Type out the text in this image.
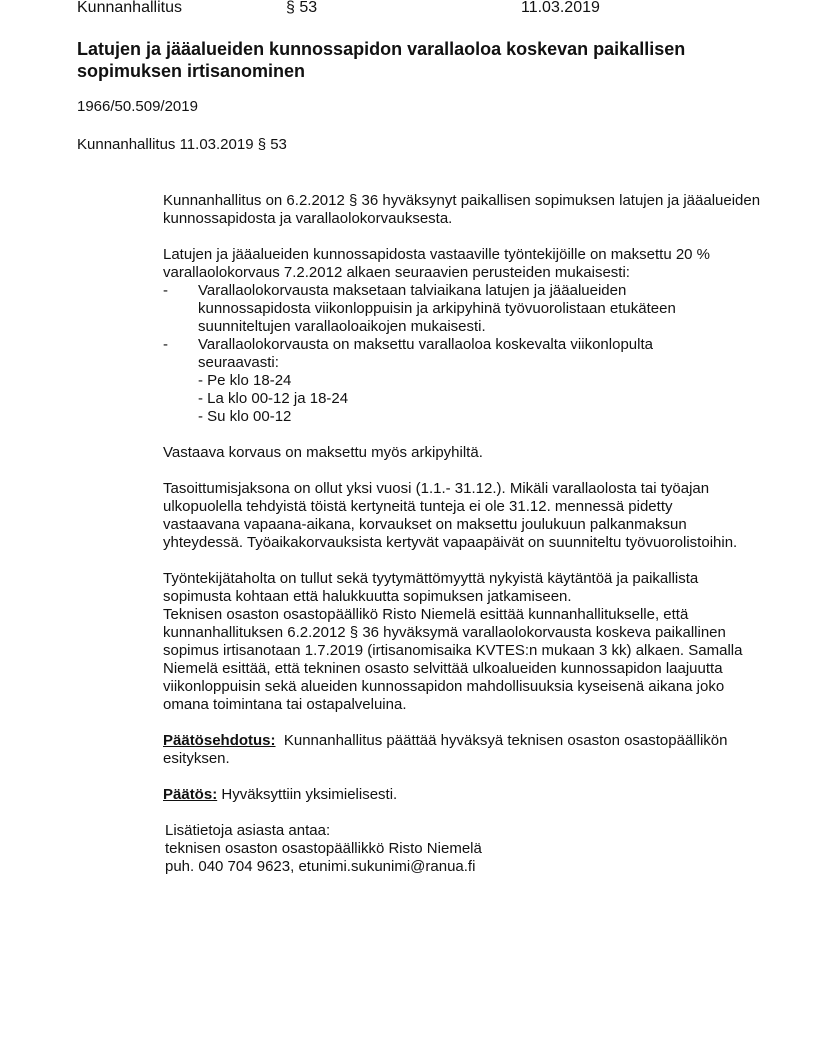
Kunnanhallitus	§ 53	11.03.2019
Latujen ja jääalueiden kunnossapidon varallaoloa koskevan paikallisen sopimuksen irtisanominen
1966/50.509/2019
Kunnanhallitus 11.03.2019 § 53

Kunnanhallitus on 6.2.2012 § 36 hyväksynyt paikallisen sopimuksen latujen ja jääalueiden kunnossapidosta ja varallaolokorvauksesta.

Latujen ja jääalueiden kunnossapidosta vastaaville työntekijöille on maksettu 20 % varallaolokorvaus 7.2.2012 alkaen seuraavien perusteiden mukaisesti:

-	Varallaolokorvausta maksetaan talviaikana latujen ja jääalueiden kunnossapidosta viikonloppuisin ja arkipyhinä työvuorolistaan etukäteen suunniteltujen varallaoloaikojen mukaisesti.
-	Varallaolokorvausta on maksettu varallaoloa koskevalta viikonlopulta seuraavasti:
- Pe klo 18-24
- La klo 00-12 ja 18-24
- Su klo 00-12

Vastaava korvaus on maksettu myös arkipyhiltä.

Tasoittumisjaksona on ollut yksi vuosi (1.1.- 31.12.). Mikäli varallaolosta tai työajan ulkopuolella tehdyistä töistä kertyneitä tunteja ei ole 31.12. mennessä pidetty vastaavana vapaana-aikana, korvaukset on maksettu joulukuun palkanmaksun yhteydessä. Työaikakorvauksista kertyvät vapaapäivät on suunniteltu työvuorolistoihin.

Työntekijätaholta on tullut sekä tyytymättömyyttä nykyistä käytäntöä ja paikallista sopimusta kohtaan että halukkuutta sopimuksen jatkamiseen.

Teknisen osaston osastopäällikö Risto Niemelä esittää kunnanhallitukselle, että kunnanhallituksen 6.2.2012 § 36 hyväksymä varallaolokorvausta koskeva paikallinen sopimus irtisanotaan 1.7.2019 (irtisanomisaika KVTES:n mukaan 3 kk) alkaen. Samalla Niemelä esittää, että tekninen osasto selvittää ulkoalueiden kunnossapidon laajuutta viikonloppuisin sekä alueiden kunnossapidon mahdollisuuksia kyseisenä aikana joko omana toimintana tai ostapalveluina.

Päätösehdotus: Kunnanhallitus päättää hyväksyä teknisen osaston osastopäällikön esityksen.

Päätös: Hyväksyttiin yksimielisesti.

Lisätietoja asiasta antaa:
teknisen osaston osastopäällikkö Risto Niemelä
puh. 040 704 9623, etunimi.sukunimi@ranua.fi
